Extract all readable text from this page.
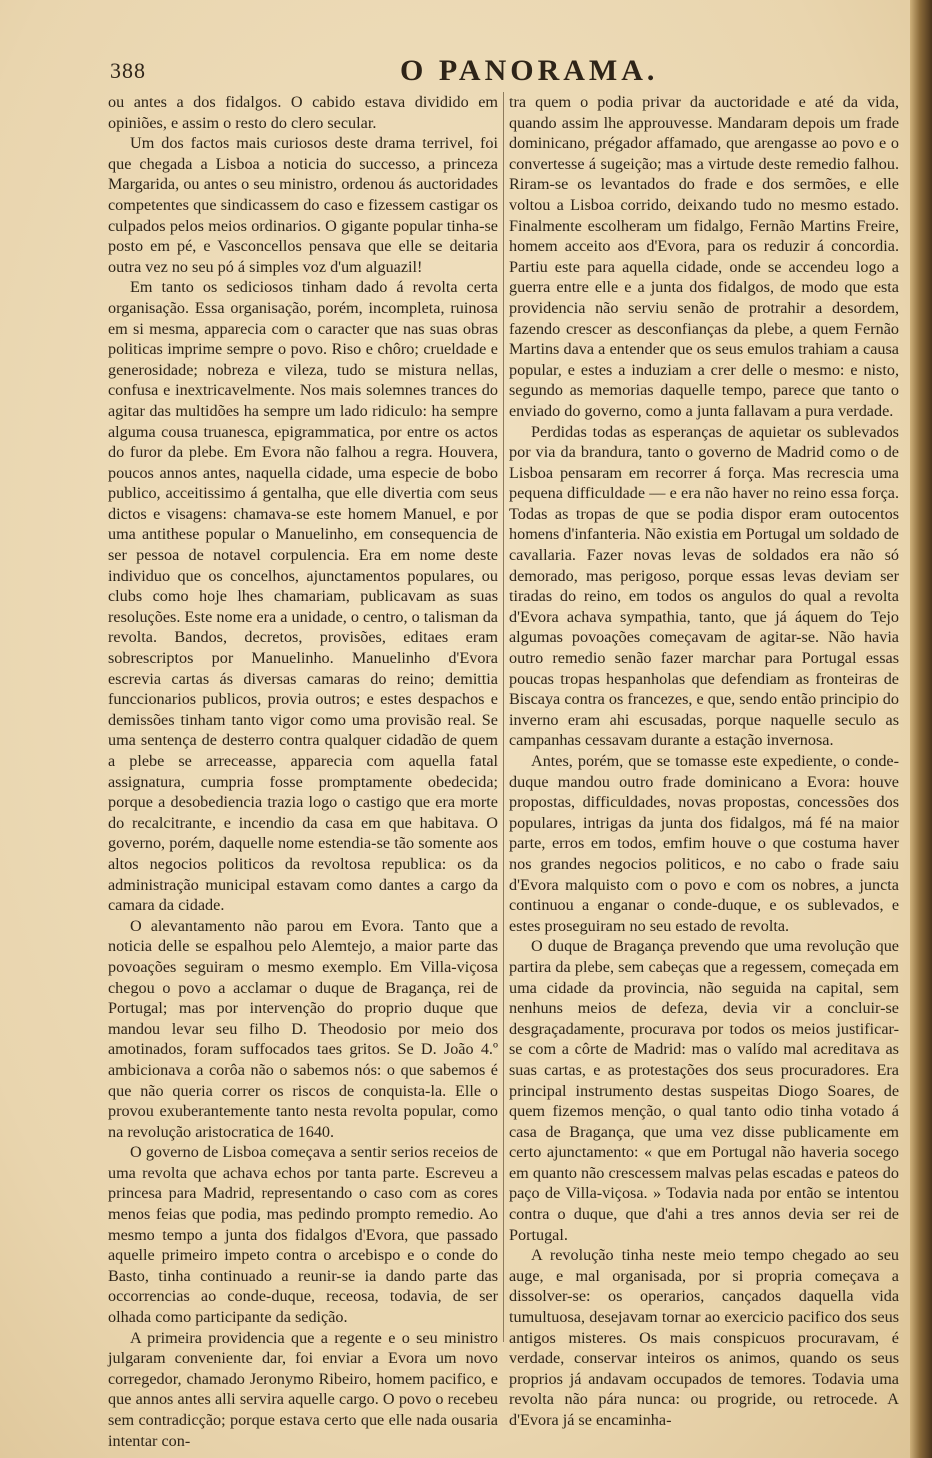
388	O PANORAMA.

ou antes a dos fidalgos. O cabido estava dividido em opiniões, e assim o resto do clero secular.

Um dos factos mais curiosos deste drama terrivel, foi que chegada a Lisboa a noticia do successo, a princeza Margarida, ou antes o seu ministro, ordenou ás auctoridades competentes que sindicassem do caso e fizessem castigar os culpados pelos meios ordinarios. O gigante popular tinha-se posto em pé, e Vasconcellos pensava que elle se deitaria outra vez no seu pó á simples voz d'um alguazil!

Em tanto os sediciosos tinham dado á revolta certa organisação. Essa organisação, porém, incompleta, ruinosa em si mesma, apparecia com o caracter que nas suas obras politicas imprime sempre o povo. Riso e chôro; crueldade e generosidade; nobreza e vileza, tudo se mistura nellas, confusa e inextricavelmente. Nos mais solemnes trances do agitar das multidões ha sempre um lado ridiculo: ha sempre alguma cousa truanesca, epigrammatica, por entre os actos do furor da plebe. Em Evora não falhou a regra. Houvera, poucos annos antes, naquella cidade, uma especie de bobo publico, acceitissimo á gentalha, que elle divertia com seus dictos e visagens: chamava-se este homem Manuel, e por uma antithese popular o Manuelinho, em consequencia de ser pessoa de notavel corpulencia. Era em nome deste individuo que os concelhos, ajunctamentos populares, ou clubs como hoje lhes chamariam, publicavam as suas resoluções. Este nome era a unidade, o centro, o talisman da revolta. Bandos, decretos, provisões, editaes eram sobrescriptos por Manuelinho. Manuelinho d'Evora escrevia cartas ás diversas camaras do reino; demittia funccionarios publicos, provia outros; e estes despachos e demissões tinham tanto vigor como uma provisão real. Se uma sentença de desterro contra qualquer cidadão de quem a plebe se arreceasse, apparecia com aquella fatal assignatura, cumpria fosse promptamente obedecida; porque a desobediencia trazia logo o castigo que era morte do recalcitrante, e incendio da casa em que habitava. O governo, porém, daquelle nome estendia-se tão somente aos altos negocios politicos da revoltosa republica: os da administração municipal estavam como dantes a cargo da camara da cidade.

O alevantamento não parou em Evora. Tanto que a noticia delle se espalhou pelo Alemtejo, a maior parte das povoações seguiram o mesmo exemplo. Em Villa-viçosa chegou o povo a acclamar o duque de Bragança, rei de Portugal; mas por intervenção do proprio duque que mandou levar seu filho D. Theodosio por meio dos amotinados, foram suffocados taes gritos. Se D. João 4.º ambicionava a corôa não o sabemos nós: o que sabemos é que não queria correr os riscos de conquista-la. Elle o provou exuberantemente tanto nesta revolta popular, como na revolução aristocratica de 1640.

O governo de Lisboa começava a sentir serios receios de uma revolta que achava echos por tanta parte. Escreveu a princesa para Madrid, representando o caso com as cores menos feias que podia, mas pedindo prompto remedio. Ao mesmo tempo a junta dos fidalgos d'Evora, que passado aquelle primeiro impeto contra o arcebispo e o conde do Basto, tinha continuado a reunir-se ia dando parte das occorrencias ao conde-duque, receosa, todavia, de ser olhada como participante da sedição.

A primeira providencia que a regente e o seu ministro julgaram conveniente dar, foi enviar a Evora um novo corregedor, chamado Jeronymo Ribeiro, homem pacifico, e que annos antes alli servira aquelle cargo. O povo o recebeu sem contradicção; porque estava certo que elle nada ousaria intentar con-

tra quem o podia privar da auctoridade e até da vida, quando assim lhe approuvesse. Mandaram depois um frade dominicano, prégador affamado, que arengasse ao povo e o convertesse á sugeição; mas a virtude deste remedio falhou. Riram-se os levantados do frade e dos sermões, e elle voltou a Lisboa corrido, deixando tudo no mesmo estado. Finalmente escolheram um fidalgo, Fernão Martins Freire, homem acceito aos d'Evora, para os reduzir á concordia. Partiu este para aquella cidade, onde se accendeu logo a guerra entre elle e a junta dos fidalgos, de modo que esta providencia não serviu senão de protrahir a desordem, fazendo crescer as desconfianças da plebe, a quem Fernão Martins dava a entender que os seus emulos trahiam a causa popular, e estes a induziam a crer delle o mesmo: e nisto, segundo as memorias daquelle tempo, parece que tanto o enviado do governo, como a junta fallavam a pura verdade.

Perdidas todas as esperanças de aquietar os sublevados por via da brandura, tanto o governo de Madrid como o de Lisboa pensaram em recorrer á força. Mas recrescia uma pequena difficuldade — e era não haver no reino essa força. Todas as tropas de que se podia dispor eram outocentos homens d'infanteria. Não existia em Portugal um soldado de cavallaria. Fazer novas levas de soldados era não só demorado, mas perigoso, porque essas levas deviam ser tiradas do reino, em todos os angulos do qual a revolta d'Evora achava sympathia, tanto, que já áquem do Tejo algumas povoações começavam de agitar-se. Não havia outro remedio senão fazer marchar para Portugal essas poucas tropas hespanholas que defendiam as fronteiras de Biscaya contra os francezes, e que, sendo então principio do inverno eram ahi escusadas, porque naquelle seculo as campanhas cessavam durante a estação invernosa.

Antes, porém, que se tomasse este expediente, o conde-duque mandou outro frade dominicano a Evora: houve propostas, difficuldades, novas propostas, concessões dos populares, intrigas da junta dos fidalgos, má fé na maior parte, erros em todos, emfim houve o que costuma haver nos grandes negocios politicos, e no cabo o frade saiu d'Evora malquisto com o povo e com os nobres, a juncta continuou a enganar o conde-duque, e os sublevados, e estes proseguiram no seu estado de revolta.

O duque de Bragança prevendo que uma revolução que partira da plebe, sem cabeças que a regessem, começada em uma cidade da provincia, não seguida na capital, sem nenhuns meios de defeza, devia vir a concluir-se desgraçadamente, procurava por todos os meios justificar-se com a côrte de Madrid: mas o valído mal acreditava as suas cartas, e as protestações dos seus procuradores. Era principal instrumento destas suspeitas Diogo Soares, de quem fizemos menção, o qual tanto odio tinha votado á casa de Bragança, que uma vez disse publicamente em certo ajunctamento: « que em Portugal não haveria socego em quanto não crescessem malvas pelas escadas e pateos do paço de Villa-viçosa. » Todavia nada por então se intentou contra o duque, que d'ahi a tres annos devia ser rei de Portugal.

A revolução tinha neste meio tempo chegado ao seu auge, e mal organisada, por si propria começava a dissolver-se: os operarios, cançados daquella vida tumultuosa, desejavam tornar ao exercicio pacifico dos seus antigos misteres. Os mais conspicuos procuravam, é verdade, conservar inteiros os animos, quando os seus proprios já andavam occupados de temores. Todavia uma revolta não pára nunca: ou progride, ou retrocede. A d'Evora já se encaminha-
